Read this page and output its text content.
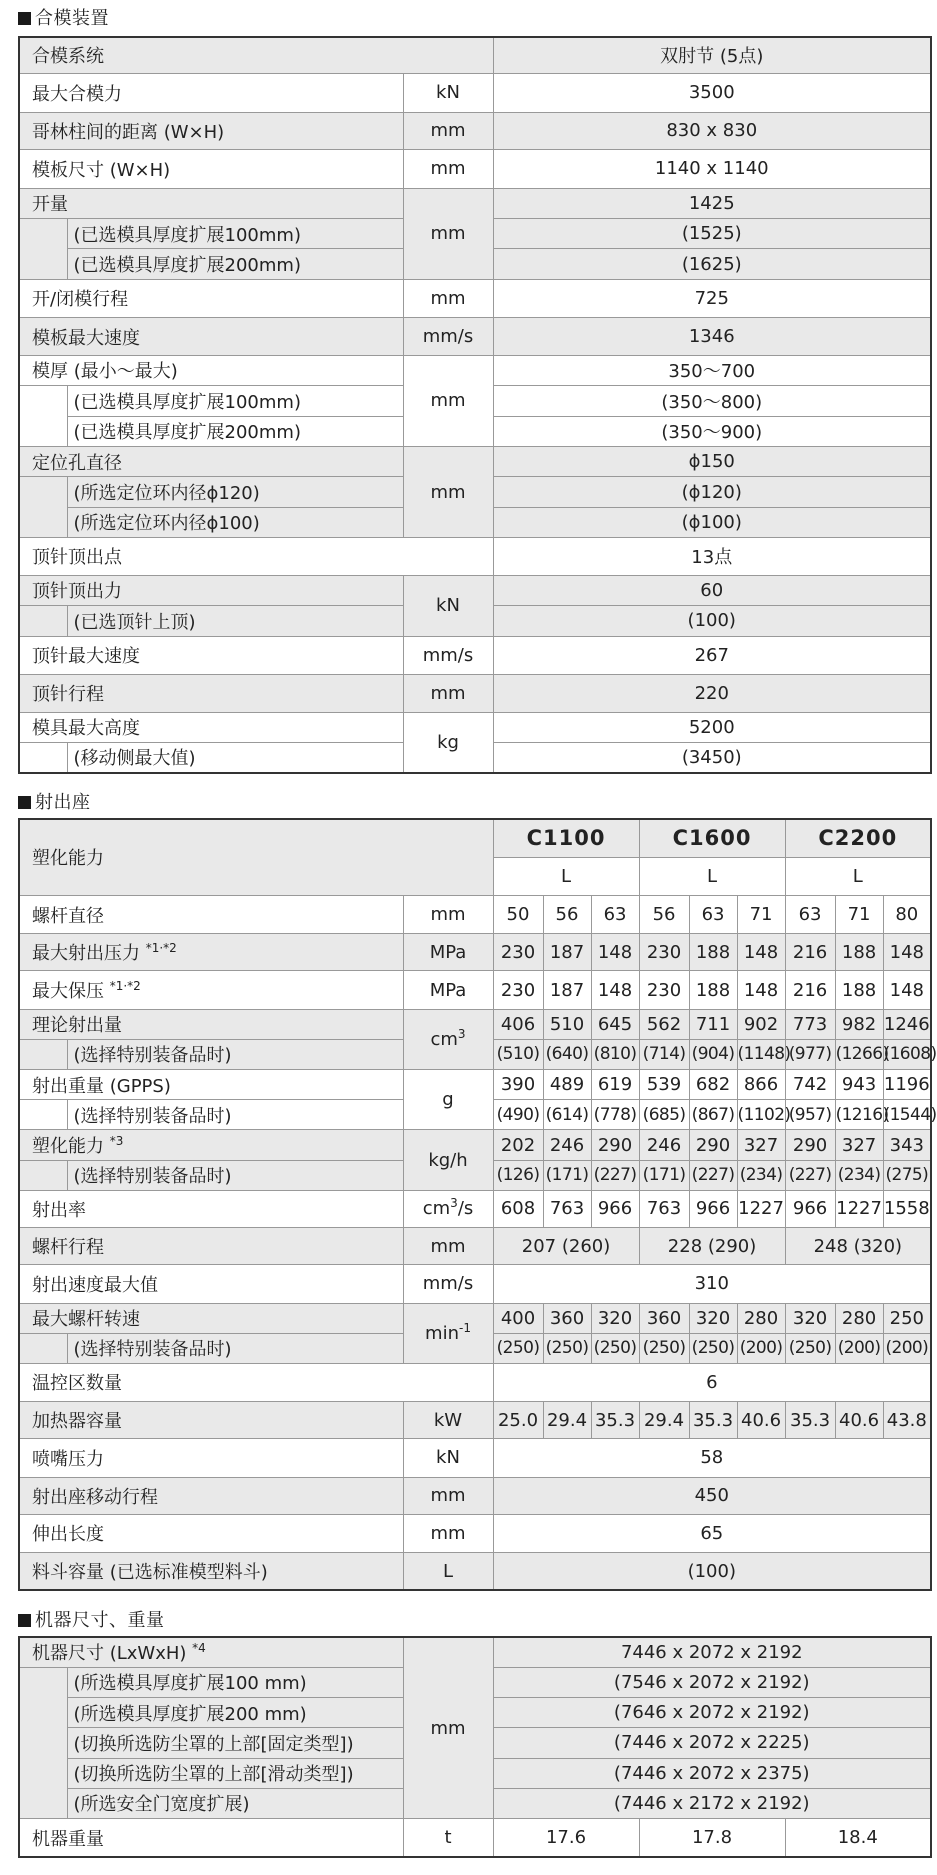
合模装置
合模系统			双肘节 (5点)
最大合模力		kN	3500
哥林柱间的距离 (W×H)		mm	830 x 830
模板尺寸 (W×H)		mm	1140 x 1140
开量		mm	1425
	(已选模具厚度扩展100mm)		(1525)
	(已选模具厚度扩展200mm)		(1625)
开/闭模行程		mm	725
模板最大速度		mm/s	1346
模厚 (最小～最大)		mm	350～700
	(已选模具厚度扩展100mm)		(350～800)
	(已选模具厚度扩展200mm)		(350～900)
定位孔直径		mm	ϕ150
	(所选定位环内径ϕ120)		(ϕ120)
	(所选定位环内径ϕ100)		(ϕ100)
顶针顶出点			13点
顶针顶出力		kN	60
	(已选顶针上顶)		(100)
顶针最大速度		mm/s	267
顶针行程		mm	220
模具最大高度		kg	5200
	(移动侧最大值)		(3450)
射出座
塑化能力			C1100			C1600			C2200		
			L			L			L		
螺杆直径		mm	50	56	63	56	63	71	63	71	80
最大射出压力 $^{*1\cdot*2}$		MPa	230	187	148	230	188	148	216	188	148
最大保压 $^{*1\cdot*2}$		MPa	230	187	148	230	188	148	216	188	148
理论射出量		$cm^3$	406	510	645	562	711	902	773	982	1246
	(选择特别装备品时)		(510)	(640)	(810)	(714)	(904)	(1148)	(977)	(1266)	(1608)
射出重量 (GPPS)		g	390	489	619	539	682	866	742	943	1196
	(选择特别装备品时)		(490)	(614)	(778)	(685)	(867)	(1102)	(957)	(1216)	(1544)
塑化能力 $^{*3}$		kg/h	202	246	290	246	290	327	290	327	343
	(选择特别装备品时)		(126)	(171)	(227)	(171)	(227)	(234)	(227)	(234)	(275)
射出率		$cm^3/s$	608	763	966	763	966	1227	966	1227	1558
螺杆行程		mm	207 (260)			228 (290)			248 (320)		
射出速度最大值		mm/s	310								
最大螺杆转速		$\min^{-1}$	400	360	320	360	320	280	320	280	250
	(选择特别装备品时)		(250)	(250)	(250)	(250)	(250)	(200)	(250)	(200)	(200)
温控区数量			6								
加热器容量		kW	25.0	29.4	35.3	29.4	35.3	40.6	35.3	40.6	43.8
喷嘴压力		kN	58								
射出座移动行程		mm	450								
伸出长度		mm	65								
料斗容量 (已选标准模型料斗)		L	(100)								
机器尺寸、重量
机器尺寸 (LxWxH) $^{*4}$		mm	7446 x 2072 x 2192		
	(所选模具厚度扩展100 mm)		(7546 x 2072 x 2192)		
	(所选模具厚度扩展200 mm)		(7646 x 2072 x 2192)		
	(切换所选防尘罩的上部[固定类型])		(7446 x 2072 x 2225)		
	(切换所选防尘罩的上部[滑动类型])		(7446 x 2072 x 2375)		
	(所选安全门宽度扩展)		(7446 x 2172 x 2192)		
机器重量		t	17.6	17.8	18.4
